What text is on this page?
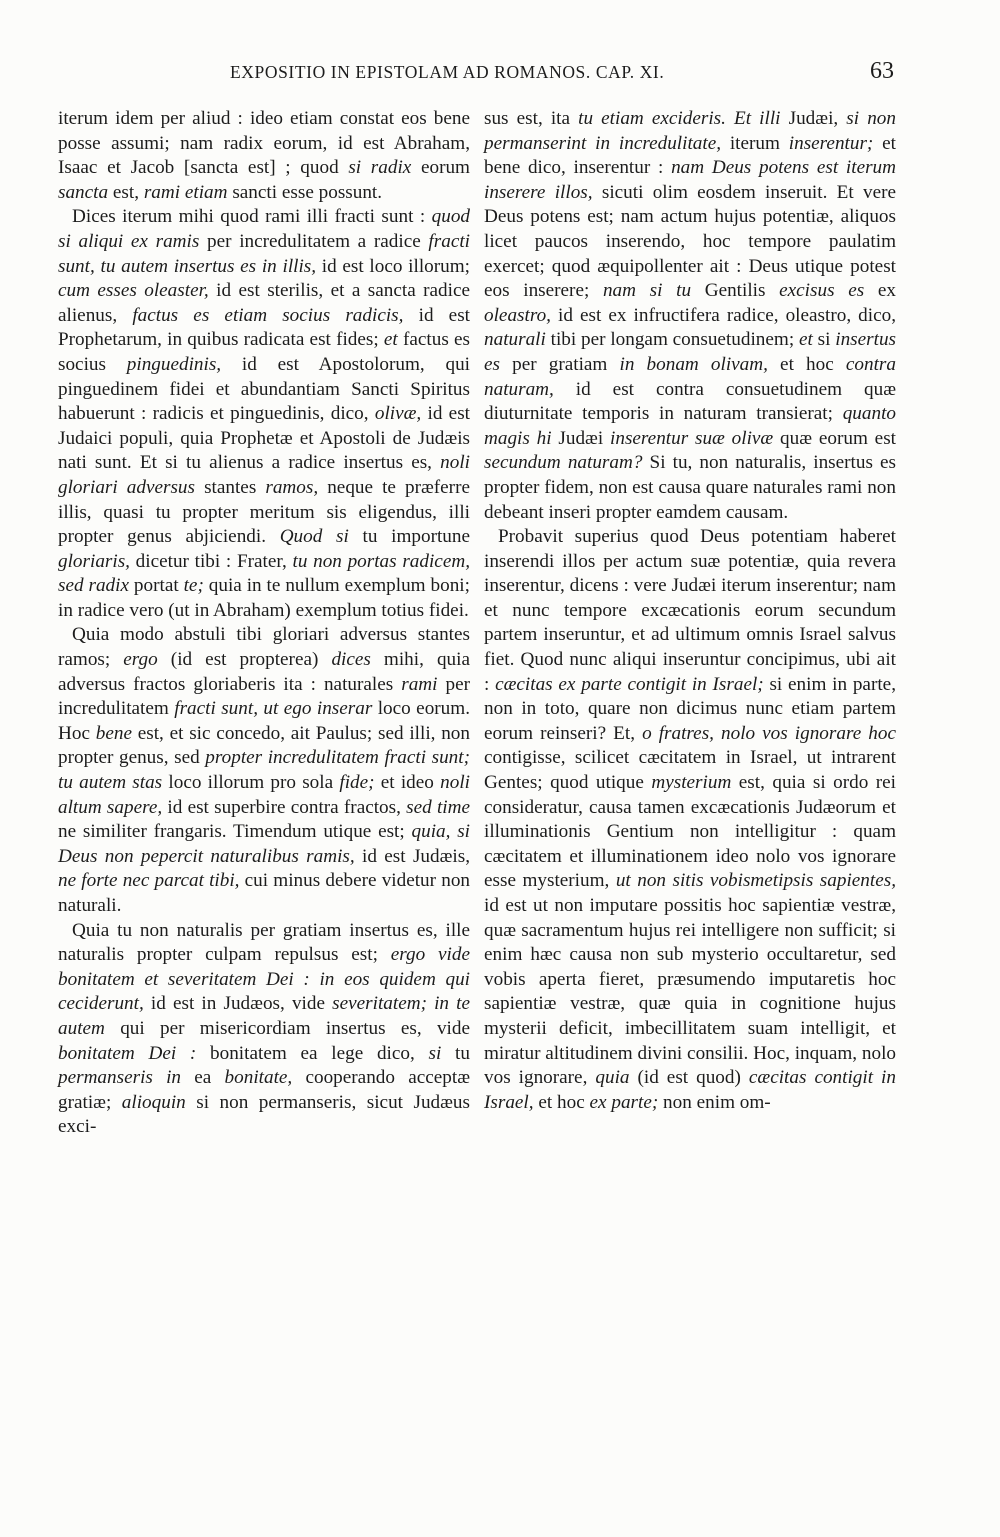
EXPOSITIO IN EPISTOLAM AD ROMANOS. CAP. XI.	63

iterum idem per aliud : ideo etiam constat eos bene posse assumi; nam radix eorum, id est Abraham, Isaac et Jacob [sancta est] ; quod si radix eorum sancta est, rami etiam sancti esse possunt.

Dices iterum mihi quod rami illi fracti sunt : quod si aliqui ex ramis per incredulitatem a radice fracti sunt, tu autem insertus es in illis, id est loco illorum; cum esses oleaster, id est sterilis, et a sancta radice alienus, factus es etiam socius radicis, id est Prophetarum, in quibus radicata est fides; et factus es socius pinguedinis, id est Apostolorum, qui pinguedinem fidei et abundantiam Sancti Spiritus habuerunt : radicis et pinguedinis, dico, olivæ, id est Judaici populi, quia Prophetæ et Apostoli de Judæis nati sunt. Et si tu alienus a radice insertus es, noli gloriari adversus stantes ramos, neque te præferre illis, quasi tu propter meritum sis eligendus, illi propter genus abjiciendi. Quod si tu importune gloriaris, dicetur tibi : Frater, tu non portas radicem, sed radix portat te; quia in te nullum exemplum boni; in radice vero (ut in Abraham) exemplum totius fidei.

Quia modo abstuli tibi gloriari adversus stantes ramos; ergo (id est propterea) dices mihi, quia adversus fractos gloriaberis ita : naturales rami per incredulitatem fracti sunt, ut ego inserar loco eorum. Hoc bene est, et sic concedo, ait Paulus; sed illi, non propter genus, sed propter incredulitatem fracti sunt; tu autem stas loco illorum pro sola fide; et ideo noli altum sapere, id est superbire contra fractos, sed time ne similiter frangaris. Timendum utique est; quia, si Deus non pepercit naturalibus ramis, id est Judæis, ne forte nec parcat tibi, cui minus debere videtur non naturali.

Quia tu non naturalis per gratiam insertus es, ille naturalis propter culpam repulsus est; ergo vide bonitatem et severitatem Dei : in eos quidem qui ceciderunt, id est in Judæos, vide severitatem; in te autem qui per misericordiam insertus es, vide bonitatem Dei : bonitatem ea lege dico, si tu permanseris in ea bonitate, cooperando acceptæ gratiæ; alioquin si non permanseris, sicut Judæus exci-

sus est, ita tu etiam excideris. Et illi Judæi, si non permanserint in incredulitate, iterum inserentur; et bene dico, inserentur : nam Deus potens est iterum inserere illos, sicuti olim eosdem inseruit. Et vere Deus potens est; nam actum hujus potentiæ, aliquos licet paucos inserendo, hoc tempore paulatim exercet; quod æquipollenter ait : Deus utique potest eos inserere; nam si tu Gentilis excisus es ex oleastro, id est ex infructifera radice, oleastro, dico, naturali tibi per longam consuetudinem; et si insertus es per gratiam in bonam olivam, et hoc contra naturam, id est contra consuetudinem quæ diuturnitate temporis in naturam transierat; quanto magis hi Judæi inserentur suæ olivæ quæ eorum est secundum naturam? Si tu, non naturalis, insertus es propter fidem, non est causa quare naturales rami non debeant inseri propter eamdem causam.

Probavit superius quod Deus potentiam haberet inserendi illos per actum suæ potentiæ, quia revera inserentur, dicens : vere Judæi iterum inserentur; nam et nunc tempore excæcationis eorum secundum partem inseruntur, et ad ultimum omnis Israel salvus fiet. Quod nunc aliqui inseruntur concipimus, ubi ait : cæcitas ex parte contigit in Israel; si enim in parte, non in toto, quare non dicimus nunc etiam partem eorum reinseri? Et, o fratres, nolo vos ignorare hoc contigisse, scilicet cæcitatem in Israel, ut intrarent Gentes; quod utique mysterium est, quia si ordo rei consideratur, causa tamen excæcationis Judæorum et illuminationis Gentium non intelligitur : quam cæcitatem et illuminationem ideo nolo vos ignorare esse mysterium, ut non sitis vobismetipsis sapientes, id est ut non imputare possitis hoc sapientiæ vestræ, quæ sacramentum hujus rei intelligere non sufficit; si enim hæc causa non sub mysterio occultaretur, sed vobis aperta fieret, præsumendo imputaretis hoc sapientiæ vestræ, quæ quia in cognitione hujus mysterii deficit, imbecillitatem suam intelligit, et miratur altitudinem divini consilii. Hoc, inquam, nolo vos ignorare, quia (id est quod) cæcitas contigit in Israel, et hoc ex parte; non enim om-
